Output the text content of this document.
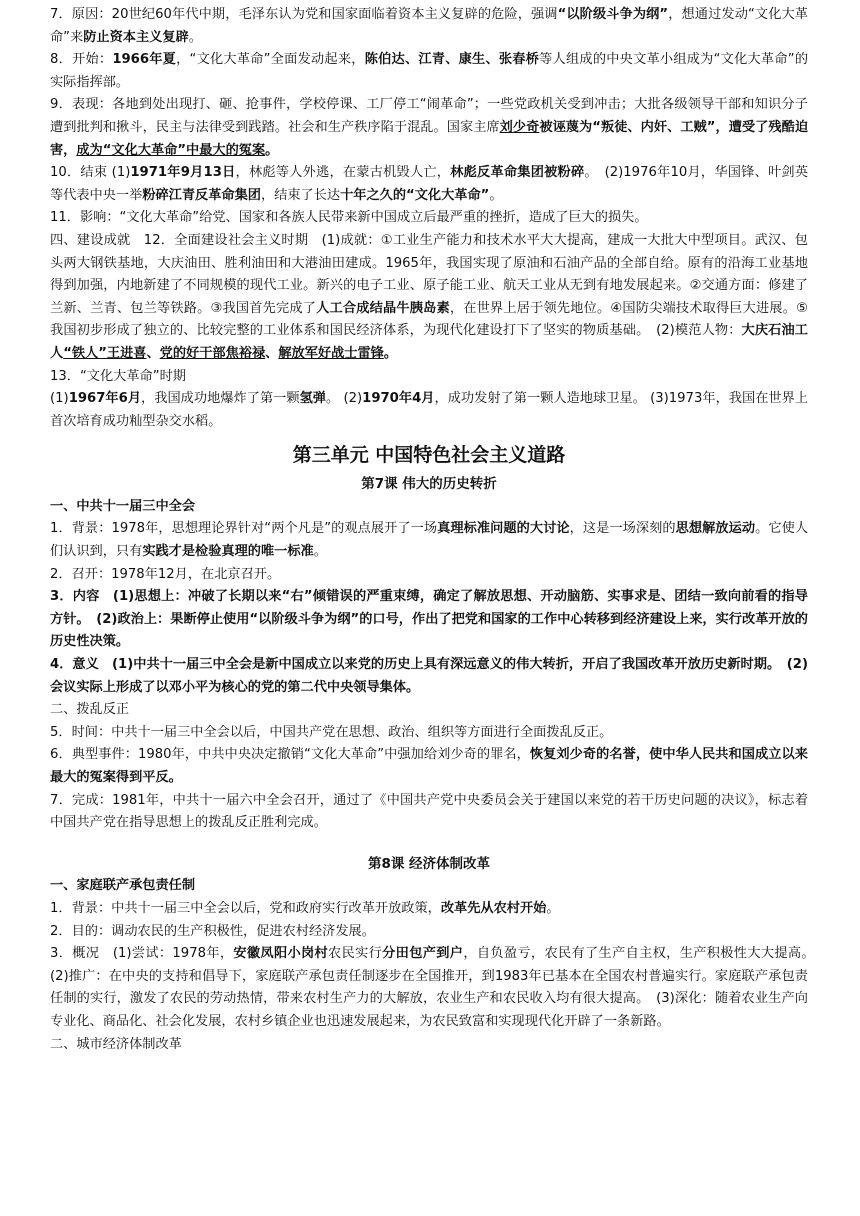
7．原因：20世纪60年代中期，毛泽东认为党和国家面临着资本主义复辟的危险，强调“以阶级斗争为纲”，想通过发动“文化大革命”来防止资本主义复辟。

8．开始：1966年夏，“文化大革命”全面发动起来，陈伯达、江青、康生、张春桥等人组成的中央文革小组成为“文化大革命”的实际指挥部。

9．表现：各地到处出现打、砸、抢事件，学校停课、工厂停工“闹革命”；一些党政机关受到冲击；大批各级领导干部和知识分子遭到批判和揪斗，民主与法律受到践踏。社会和生产秩序陷于混乱。国家主席刘少奇被诬蔑为“叛徒、内奸、工贼”，遭受了残酷迫害，成为“文化大革命”中最大的冤案。

10．结束 (1)1971年9月13日，林彪等人外逃，在蒙古机毁人亡，林彪反革命集团被粉碎。　(2)1976年10月，华国锋、叶剑英等代表中央一举粉碎江青反革命集团，结束了长达十年之久的“文化大革命”。

11．影响：“文化大革命”给党、国家和各族人民带来新中国成立后最严重的挫折，造成了巨大的损失。

四、建设成就　12．全面建设社会主义时期　(1)成就：①工业生产能力和技术水平大大提高，建成一大批大中型项目。武汉、包头两大钢铁基地，大庆油田、胜利油田和大港油田建成。1965年，我国实现了原油和石油产品的全部自给。原有的沿海工业基地得到加强，内地新建了不同规模的现代工业。新兴的电子工业、原子能工业、航天工业从无到有地发展起来。②交通方面：修建了兰新、兰青、包兰等铁路。③我国首先完成了人工合成结晶牛胰岛素，在世界上居于领先地位。④国防尖端技术取得巨大进展。⑤我国初步形成了独立的、比较完整的工业体系和国民经济体系，为现代化建设打下了坚实的物质基础。　(2)模范人物：大庆石油工人“铁人”王进喜、党的好干部焦裕禄、解放军好战士雷锋。

13．“文化大革命”时期

(1)1967年6月，我国成功地爆炸了第一颗氢弹。 (2)1970年4月，成功发射了第一颗人造地球卫星。 (3)1973年，我国在世界上首次培育成功籼型杂交水稻。

第三单元 中国特色社会主义道路
第7课 伟大的历史转折

一、中共十一届三中全会

1．背景：1978年，思想理论界针对“两个凡是”的观点展开了一场真理标准问题的大讨论，这是一场深刻的思想解放运动。它使人们认识到，只有实践才是检验真理的唯一标准。

2．召开：1978年12月，在北京召开。

3．内容　(1)思想上：冲破了长期以来“右”倾错误的严重束缚，确定了解放思想、开动脑筋、实事求是、团结一致向前看的指导方针。　(2)政治上：果断停止使用“以阶级斗争为纲”的口号，作出了把党和国家的工作中心转移到经济建设上来，实行改革开放的历史性决策。

4．意义　(1)中共十一届三中全会是新中国成立以来党的历史上具有深远意义的伟大转折，开启了我国改革开放历史新时期。　(2)会议实际上形成了以邓小平为核心的党的第二代中央领导集体。

二、拨乱反正

5．时间：中共十一届三中全会以后，中国共产党在思想、政治、组织等方面进行全面拨乱反正。

6．典型事件：1980年，中共中央决定撤销“文化大革命”中强加给刘少奇的罪名，恢复刘少奇的名誉，使中华人民共和国成立以来最大的冤案得到平反。

7．完成：1981年，中共十一届六中全会召开，通过了《中国共产党中央委员会关于建国以来党的若干历史问题的决议》，标志着中国共产党在指导思想上的拨乱反正胜利完成。

第8课 经济体制改革

一、家庭联产承包责任制

1．背景：中共十一届三中全会以后，党和政府实行改革开放政策，改革先从农村开始。

2．目的：调动农民的生产积极性，促进农村经济发展。

3．概况　(1)尝试：1978年，安徽凤阳小岗村农民实行分田包产到户，自负盈亏，农民有了生产自主权，生产积极性大大提高。　(2)推广：在中央的支持和倡导下，家庭联产承包责任制逐步在全国推开，到1983年已基本在全国农村普遍实行。家庭联产承包责任制的实行，激发了农民的劳动热情，带来农村生产力的大解放，农业生产和农民收入均有很大提高。　(3)深化：随着农业生产向专业化、商品化、社会化发展，农村乡镇企业也迅速发展起来，为农民致富和实现现代化开辟了一条新路。

二、城市经济体制改革
